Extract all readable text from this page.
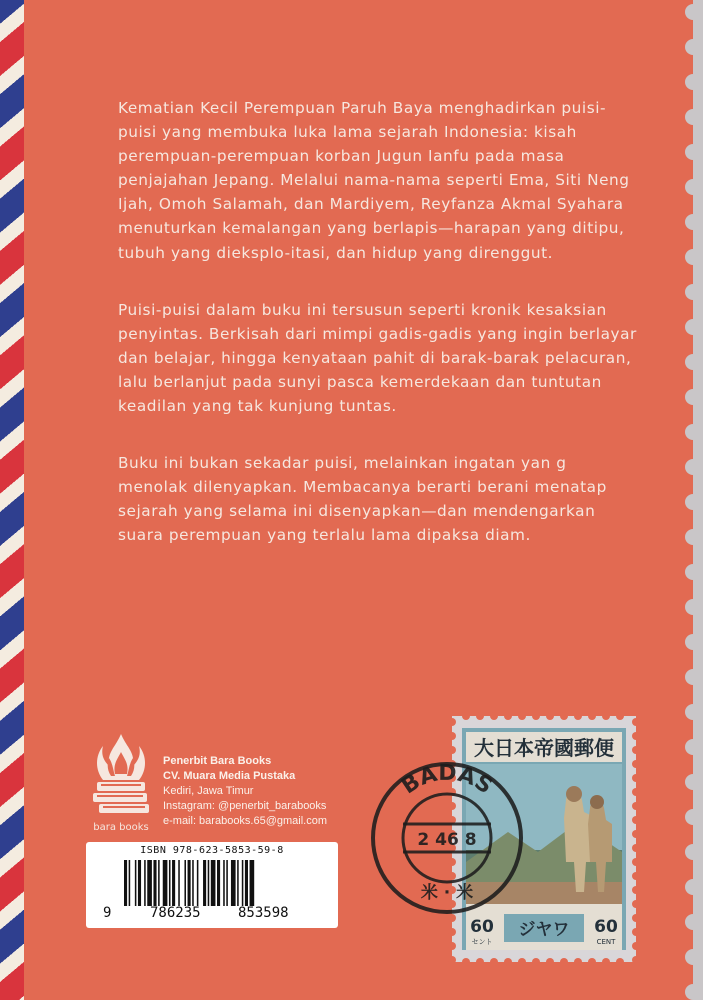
Kematian Kecil Perempuan Paruh Baya menghadirkan puisi-puisi yang membuka luka lama sejarah Indonesia: kisah perempuan-perempuan korban Jugun Ianfu pada masa penjajahan Jepang. Melalui nama-nama seperti Ema, Siti Neng Ijah, Omoh Salamah, dan Mardiyem, Reyfanza Akmal Syahara menuturkan kemalangan yang berlapis—harapan yang ditipu, tubuh yang dieksplo-itasi, dan hidup yang direnggut.

Puisi-puisi dalam buku ini tersusun seperti kronik kesaksian penyintas. Berkisah dari mimpi gadis-gadis yang ingin berlayar dan belajar, hingga kenyataan pahit di barak-barak pelacuran, lalu berlanjut pada sunyi pasca kemerdekaan dan tuntutan keadilan yang tak kunjung tuntas.

Buku ini bukan sekadar puisi, melainkan ingatan yan g menolak dilenyapkan. Membacanya berarti berani menatap sejarah yang selama ini disenyapkan—dan mendengarkan suara perempuan yang terlalu lama dipaksa diam.

bara books
Penerbit Bara Books
CV. Muara Media Pustaka
Kediri, Jawa Timur
Instagram: @penerbit_barabooks
e-mail: barabooks.65@gmail.com
ISBN 978-623-5853-59-8
9	786235	853598
大日本帝國郵便
60
セント
ジヤワ 60
CENT
BADAS
2 46 8
米 · 米
